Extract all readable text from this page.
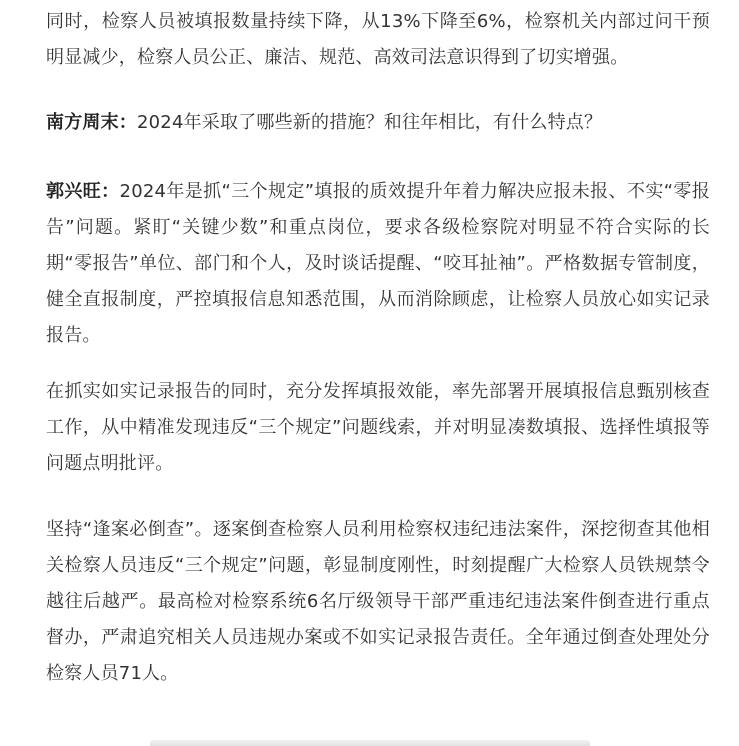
同时，检察人员被填报数量持续下降，从13%下降至6%，检察机关内部过问干预明显减少，检察人员公正、廉洁、规范、高效司法意识得到了切实增强。

南方周末：2024年采取了哪些新的措施？和往年相比，有什么特点？

郭兴旺：2024年是抓“三个规定”填报的质效提升年着力解决应报未报、不实“零报告”问题。紧盯“关键少数”和重点岗位，要求各级检察院对明显不符合实际的长期“零报告”单位、部门和个人，及时谈话提醒、“咬耳扯袖”。严格数据专管制度，健全直报制度，严控填报信息知悉范围，从而消除顾虑，让检察人员放心如实记录报告。

在抓实如实记录报告的同时，充分发挥填报效能，率先部署开展填报信息甄别核查工作，从中精准发现违反“三个规定”问题线索，并对明显凑数填报、选择性填报等问题点明批评。

坚持“逢案必倒查”。逐案倒查检察人员利用检察权违纪违法案件，深挖彻查其他相关检察人员违反“三个规定”问题，彰显制度刚性，时刻提醒广大检察人员铁规禁令越往后越严。最高检对检察系统6名厅级领导干部严重违纪违法案件倒查进行重点督办，严肃追究相关人员违规办案或不如实记录报告责任。全年通过倒查处理处分检察人员71人。
